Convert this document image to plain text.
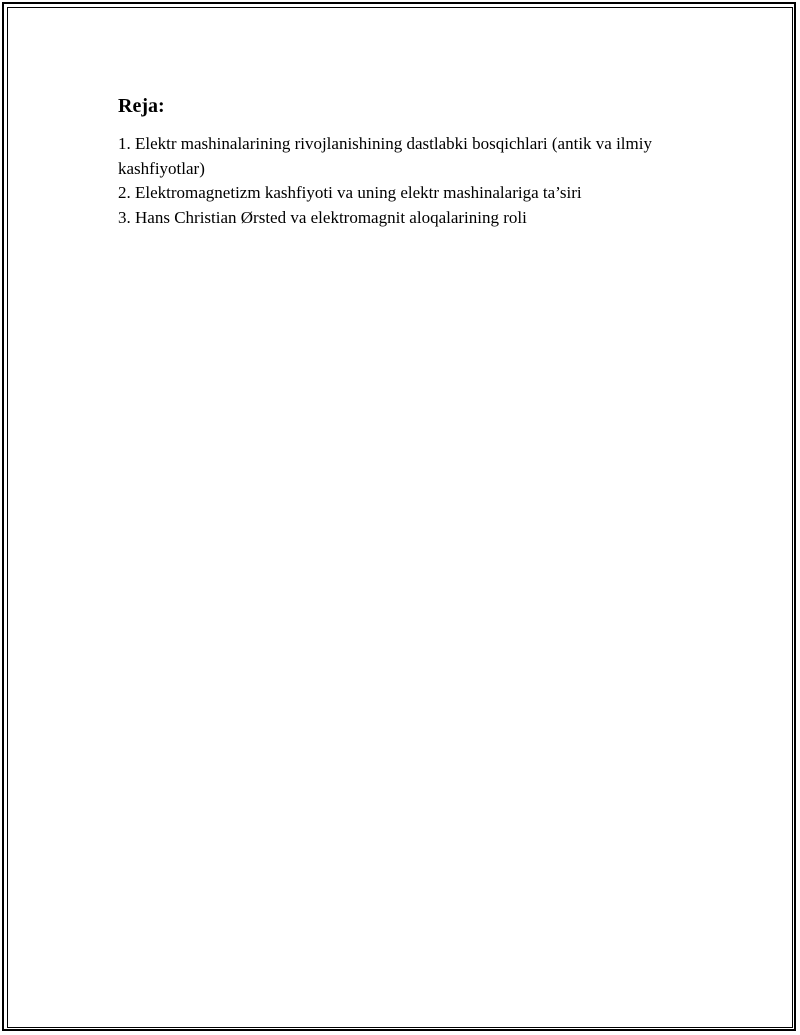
Reja:
1. Elektr mashinalarining rivojlanishining dastlabki bosqichlari (antik va ilmiy kashfiyotlar)
2. Elektromagnetizm kashfiyoti va uning elektr mashinalariga ta’siri
3. Hans Christian Ørsted va elektromagnit aloqalarining roli
